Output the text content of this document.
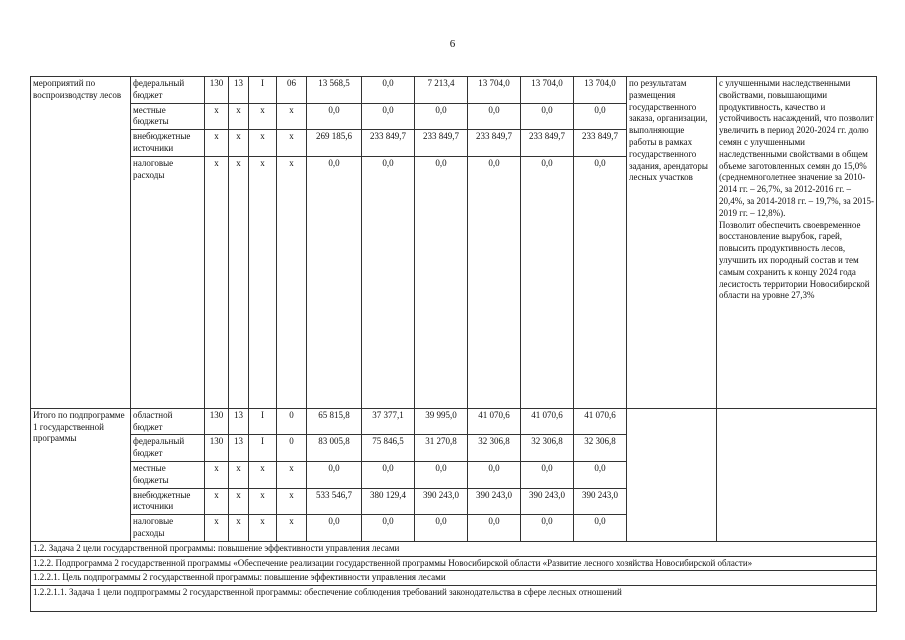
6
мероприятий по воспроизводству лесов	федеральный бюджет	130	13	I	06	13 568,5	0,0	7 213,4	13 704,0	13 704,0	13 704,0	по результатам размещения государственного заказа, организации, выполняющие работы в рамках государственного задания, арендаторы лесных участков	с улучшенными наследственными свойствами, повышающими продуктивность, качество и устойчивость насаждений, что позволит увеличить в период 2020-2024 гг. долю семян с улучшенными наследственными свойствами в общем объеме заготовленных семян до 15,0% (среднемноголетнее значение за 2010-2014 гг. – 26,7%, за 2012-2016 гг. – 20,4%, за 2014-2018 гг. – 19,7%, за 2015-2019 гг. – 12,8%).
Позволит обеспечить своевременное восстановление вырубок, гарей, повысить продуктивность лесов, улучшить их породный состав и тем самым сохранить к концу 2024 года лесистость территории Новосибирской области на уровне 27,3%

	местные бюджеты	x	x	x	x	0,0	0,0	0,0	0,0	0,0	0,0		
	внебюджетные источники	x	x	x	x	269 185,6	233 849,7	233 849,7	233 849,7	233 849,7	233 849,7		
	налоговые расходы	x	x	x	x	0,0	0,0	0,0	0,0	0,0	0,0		
Итого по подпрограмме 1 государственной программы	областной бюджет	130	13	I	0	65 815,8	37 377,1	39 995,0	41 070,6	41 070,6	41 070,6		
	федеральный бюджет	130	13	I	0	83 005,8	75 846,5	31 270,8	32 306,8	32 306,8	32 306,8		
	местные бюджеты	x	x	x	x	0,0	0,0	0,0	0,0	0,0	0,0		
	внебюджетные источники	x	x	x	x	533 546,7	380 129,4	390 243,0	390 243,0	390 243,0	390 243,0		
	налоговые расходы	x	x	x	x	0,0	0,0	0,0	0,0	0,0	0,0		
1.2. Задача 2 цели государственной программы: повышение эффективности управления лесами													
1.2.2. Подпрограмма 2 государственной программы «Обеспечение реализации государственной программы Новосибирской области «Развитие лесного хозяйства Новосибирской области»													
1.2.2.1. Цель подпрограммы 2 государственной программы: повышение эффективности управления лесами													
1.2.2.1.1. Задача 1 цели подпрограммы 2 государственной программы: обеспечение соблюдения требований законодательства в сфере лесных отношений													
